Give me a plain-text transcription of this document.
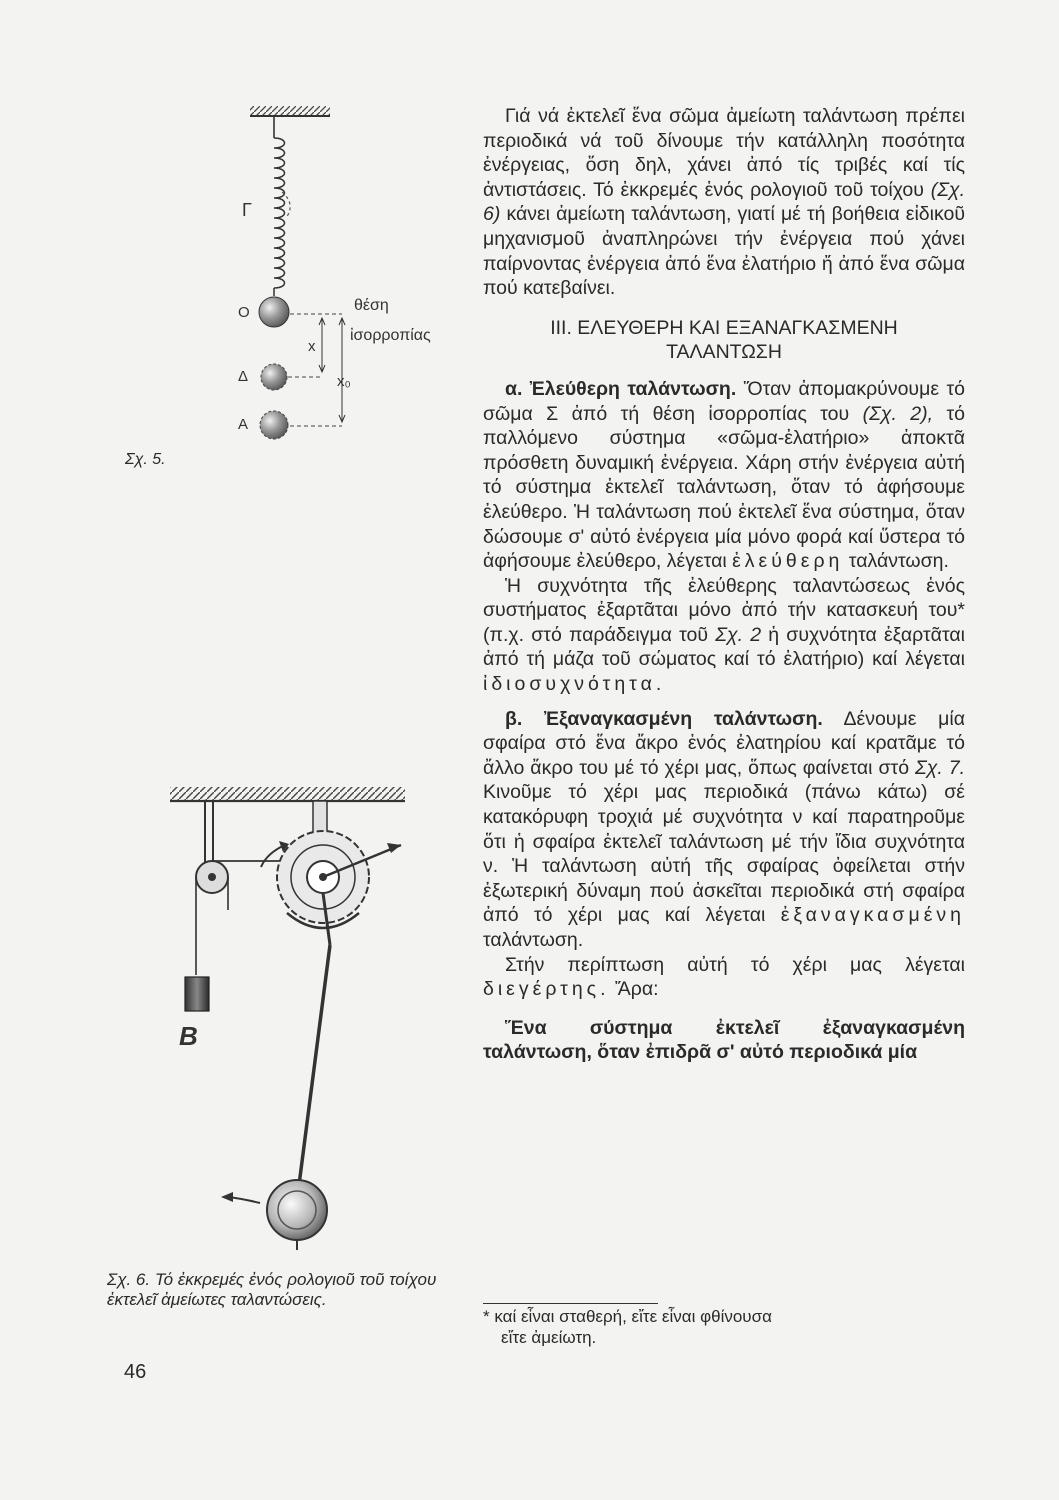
Γ
Ο
Δ
Α
x
x₀
θέση
ἰσορροπίας
Σχ. 5.
B
Σχ. 6. Τό ἐκκρεμές ἐνός ρολογιοῦ τοῦ τοίχου ἐκτελεῖ ἀμείωτες ταλαντώσεις.

Γιά νά ἐκτελεῖ ἕνα σῶμα ἀμείωτη ταλάντωση πρέπει περιοδικά νά τοῦ δίνουμε τήν κατάλληλη ποσότητα ἐνέργειας, ὅση δηλ, χάνει ἀπό τίς τριβές καί τίς ἀντιστάσεις. Τό ἐκκρεμές ἑνός ρολογιοῦ τοῦ τοίχου (Σχ. 6) κάνει ἀμείωτη ταλάντωση, γιατί μέ τή βοήθεια εἰδικοῦ μηχανισμοῦ ἀναπληρώνει τήν ἐνέργεια πού χάνει παίρνοντας ἐνέργεια ἀπό ἕνα ἐλατήριο ἤ ἀπό ἕνα σῶμα πού κατεβαίνει.

III. ΕΛΕΥΘΕΡΗ ΚΑΙ ΕΞΑΝΑΓΚΑΣΜΕΝΗ
ΤΑΛΑΝΤΩΣΗ

α. Ἐλεύθερη ταλάντωση. Ὅταν ἀπομακρύνουμε τό σῶμα Σ ἀπό τή θέση ἰσορροπίας του (Σχ. 2), τό παλλόμενο σύστημα «σῶμα-ἐλατήριο» ἀποκτᾶ πρόσθετη δυναμική ἐνέργεια. Χάρη στήν ἐνέργεια αὐτή τό σύστημα ἐκτελεῖ ταλάντωση, ὅταν τό ἀφήσουμε ἐλεύθερο. Ἡ ταλάντωση πού ἐκτελεῖ ἕνα σύστημα, ὅταν δώσουμε σ' αὐτό ἐνέργεια μία μόνο φορά καί ὕστερα τό ἀφήσουμε ἐλεύθερο, λέγεται ἐλεύθερη ταλάντωση.

Ἡ συχνότητα τῆς ἐλεύθερης ταλαντώσεως ἑνός συστήματος ἐξαρτᾶται μόνο ἀπό τήν κατασκευή του* (π.χ. στό παράδειγμα τοῦ Σχ. 2 ἡ συχνότητα ἐξαρτᾶται ἀπό τή μάζα τοῦ σώματος καί τό ἐλατήριο) καί λέγεται ἰδιοσυχνότητα.

β. Ἐξαναγκασμένη ταλάντωση. Δένουμε μία σφαίρα στό ἕνα ἄκρο ἑνός ἐλατηρίου καί κρατᾶμε τό ἄλλο ἄκρο του μέ τό χέρι μας, ὅπως φαίνεται στό Σχ. 7. Κινοῦμε τό χέρι μας περιοδικά (πάνω κάτω) σέ κατακόρυφη τροχιά μέ συχνότητα ν καί παρατηροῦμε ὅτι ἡ σφαίρα ἐκτελεῖ ταλάντωση μέ τήν ἴδια συχνότητα ν. Ἡ ταλάντωση αὐτή τῆς σφαίρας ὀφείλεται στήν ἐξωτερική δύναμη πού ἀσκεῖται περιοδικά στή σφαίρα ἀπό τό χέρι μας καί λέγεται ἐξαναγκασμένη ταλάντωση.

Στήν περίπτωση αὐτή τό χέρι μας λέγεται διεγέρτης. Ἄρα:

Ἕνα σύστημα ἐκτελεῖ ἐξαναγκασμένη ταλάντωση, ὅταν ἐπιδρᾶ σ' αὐτό περιοδικά μία

* καί εἶναι σταθερή, εἴτε εἶναι φθίνουσα
εἴτε ἀμείωτη.
46
